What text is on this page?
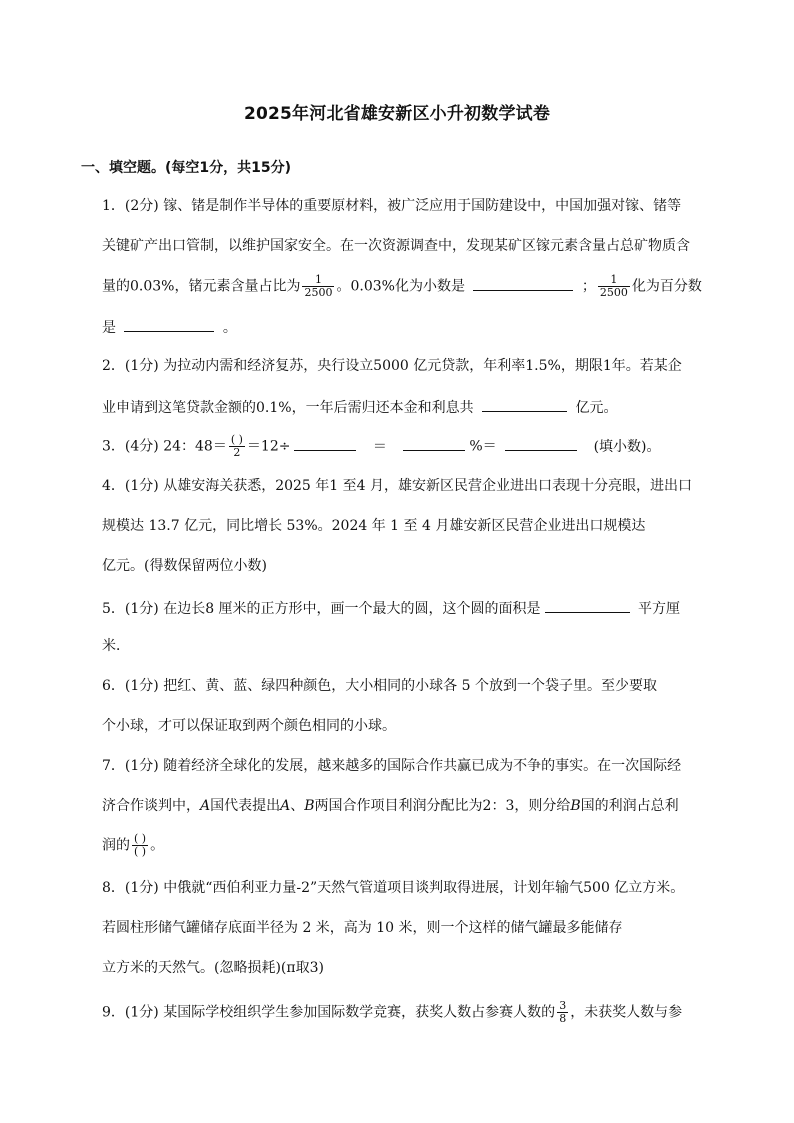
2025年河北省雄安新区小升初数学试卷
一、填空题。(每空1分，共15分)
1．(2分) 镓、锗是制作半导体的重要原材料，被广泛应用于国防建设中，中国加强对镓、锗等
关键矿产出口管制，以维护国家安全。在一次资源调查中，发现某矿区镓元素含量占总矿物质含
量的0.03%，锗元素含量占比为 $\frac{1}{2500}$ 。0.03%化为小数是	； $\frac{1}{2500}$ 化为百分数
是	。
2．(1分) 为拉动内需和经济复苏，央行设立5000 亿元贷款，年利率1.5%，期限1年。若某企
业申请到这笔贷款金额的0.1%，一年后需归还本金和利息共	亿元。
3．(4分) 24：$48= \frac{( )}{2} =12\div$	＝	%＝	(填小数)。
4．(1分) 从雄安海关获悉，2025 年1 至4 月，雄安新区民营企业进出口表现十分亮眼，进出口
规模达 13.7 亿元，同比增长 53%。2024 年 1 至 4 月雄安新区民营企业进出口规模达
亿元。(得数保留两位小数)
5．(1分) 在边长8 厘米的正方形中，画一个最大的圆，这个圆的面积是	平方厘
米．
6．(1分) 把红、黄、蓝、绿四种颜色，大小相同的小球各 5 个放到一个袋子里。至少要取
个小球，才可以保证取到两个颜色相同的小球。
7．(1分) 随着经济全球化的发展，越来越多的国际合作共赢已成为不争的事实。在一次国际经
济合作谈判中，A国代表提出A、B两国合作项目利润分配比为2：3，则分给B国的利润占总利
润的 $\frac{( )}{( )}$ 。
8．(1分) 中俄就“西伯利亚力量-2”天然气管道项目谈判取得进展，计划年输气500 亿立方米。
若圆柱形储气罐储存底面半径为 2 米，高为 10 米，则一个这样的储气罐最多能储存
立方米的天然气。(忽略损耗)(π取3)
9．(1分) 某国际学校组织学生参加国际数学竞赛，获奖人数占参赛人数的 $\frac{3}{8}$ ，未获奖人数与参
